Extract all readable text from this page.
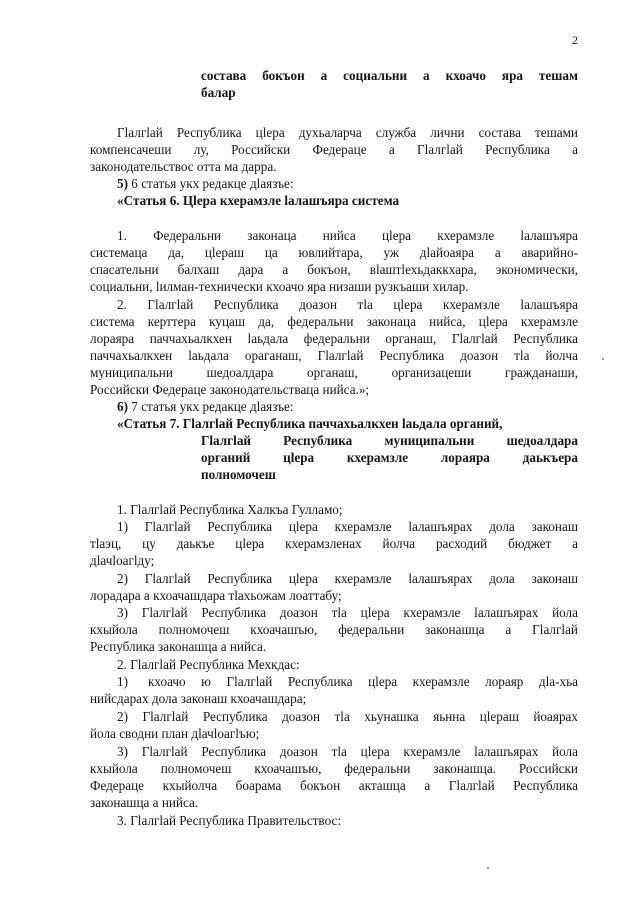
2
состава бокъон а социальни а кхоачо яра тешам
балар
Гӏалгӏай Республика цӏера духьаларча служба лични состава тешами
компенсачеши лу, Российски Федераце а Гӏалгӏай Республика а
законодательствос отта ма дарра.
5) 6 статья укх редакце дӏаязъе:
«Статья 6. Цӏера кхерамзле ӏалашъяра система
1. Федеральни законаца нийса цӏера кхерамзле ӏалашъяра
системаца да, цӏераш ца ювлийтара, уж дӏайоаяра а аварийно-
спасательни балхаш дара а бокъон, вӏаштӏехьдаккхара, экономически,
социальни, ӏилман-технически кхоачо яра низаши рузкъаши хилар.
2. Гӏалгӏай Республика доазон тӏа цӏера кхерамзле ӏалашъяра
система керттера куцаш да, федеральни законаца нийса, цӏера кхерамзле
лораяра паччахьалкхен ӏаьдала федеральни органаш, Гӏалгӏай Республика
паччахьалкхен ӏаьдала ораганаш, Гӏалгӏай Республика доазон тӏа йолча
муниципальни шедоалдара органаш, организацеши гражданаши,
Российски Федераце законодательстваца нийса.»;
6) 7 статья укх редакце дӏаязъе:
«Статья 7. Гӏалгӏай Республика паччахьалкхен ӏаьдала органий,
Гӏалгӏай Республика муниципальни шедоалдара
органий цӏера кхерамзле лораяра даькъера
полномочеш
1. Гӏалгӏай Республика Халкъа Гулламо;
1) Гӏалгӏай Республика цӏера кхерамзле ӏалашъярах дола законаш
тӏаэц, цу даькъе цӏера кхерамзленах йолча расходий бюджет а
дӏачӏоагӏду;
2) Гӏалгӏай Республика цӏера кхерамзле ӏалашъярах дола законаш
лорадара а кхоачашдара тӏахьожам лоаттабу;
3) Гӏалгӏай Республика доазон тӏа цӏера кхерамзле ӏалашъярах йола
кхыйола полномочеш кхоачашъю, федеральни законашца а Гӏалгӏай
Республика законашца а нийса.
2. Гӏалгӏай Республика Мехкдас:
1) кхоачо ю Гӏалгӏай Республика цӏера кхерамзле лораяр дӏа-хьа
нийсдарах дола законаш кхоачашдара;
2) Гӏалгӏай Республика доазон тӏа хьунашка яьнна цӏераш йоаярах
йола сводни план дӏачӏоагӏъю;
3) Гӏалгӏай Республика доазон тӏа цӏера кхерамзле ӏалашъярах йола
кхыйола полномочеш кхоачашъю, федеральни законашца. Российски
Федераце кхыйолча боарама бокъон акташца а Гӏалгӏай Республика
законашца а нийса.
3. Гӏалгӏай Республика Правительствос:
